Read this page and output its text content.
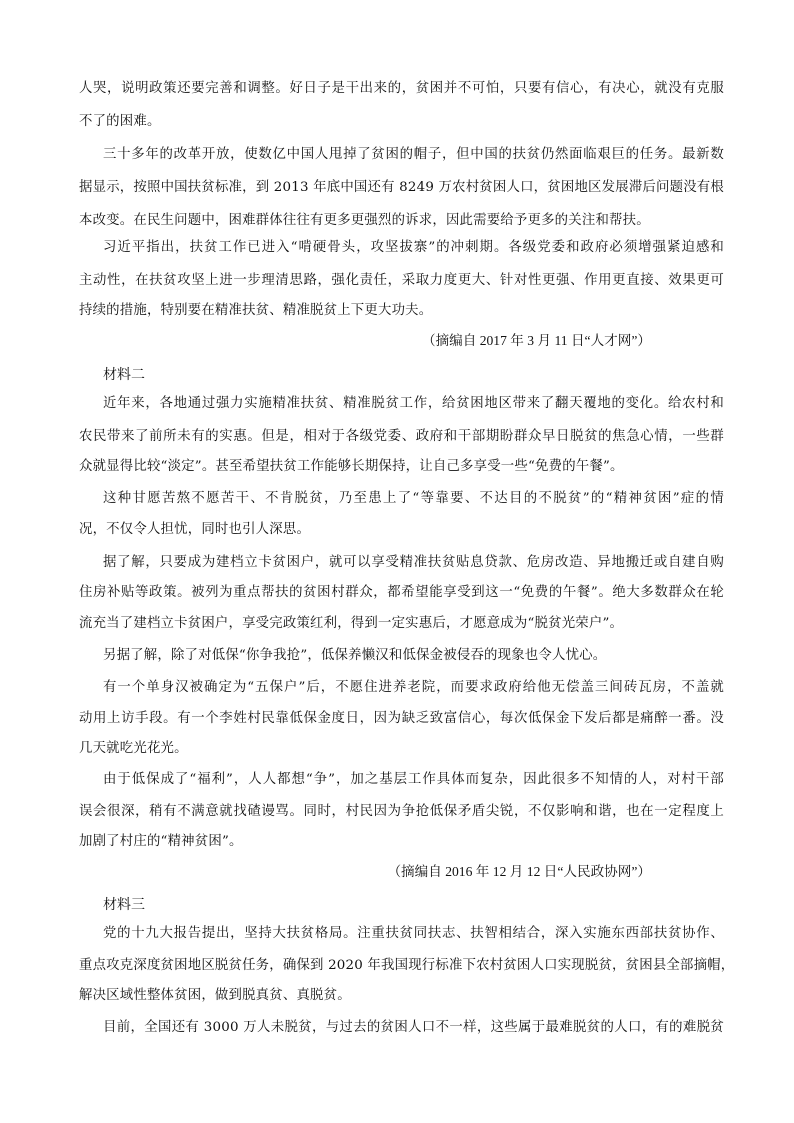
人哭，说明政策还要完善和调整。好日子是干出来的，贫困并不可怕，只要有信心，有决心，就没有克服
不了的困难。
三十多年的改革开放，使数亿中国人甩掉了贫困的帽子，但中国的扶贫仍然面临艰巨的任务。最新数
据显示，按照中国扶贫标准，到 2013 年底中国还有 8249 万农村贫困人口，贫困地区发展滞后问题没有根
本改变。在民生问题中，困难群体往往有更多更强烈的诉求，因此需要给予更多的关注和帮扶。
习近平指出，扶贫工作已进入“啃硬骨头，攻坚拔寨”的冲刺期。各级党委和政府必须增强紧迫感和
主动性，在扶贫攻坚上进一步理清思路，强化责任，采取力度更大、针对性更强、作用更直接、效果更可
持续的措施，特别要在精准扶贫、精准脱贫上下更大功夫。
（摘编自 2017 年 3 月 11 日“人才网”）
材料二
近年来，各地通过强力实施精准扶贫、精准脱贫工作，给贫困地区带来了翻天覆地的变化。给农村和
农民带来了前所未有的实惠。但是，相对于各级党委、政府和干部期盼群众早日脱贫的焦急心情，一些群
众就显得比较“淡定”。甚至希望扶贫工作能够长期保持，让自己多享受一些“免费的午餐”。
这种甘愿苦熬不愿苦干、不肯脱贫，乃至患上了“等靠要、不达目的不脱贫”的“精神贫困”症的情
况，不仅令人担忧，同时也引人深思。
据了解，只要成为建档立卡贫困户，就可以享受精准扶贫贴息贷款、危房改造、异地搬迁或自建自购
住房补贴等政策。被列为重点帮扶的贫困村群众，都希望能享受到这一“免费的午餐”。绝大多数群众在轮
流充当了建档立卡贫困户，享受完政策红利，得到一定实惠后，才愿意成为“脱贫光荣户”。
另据了解，除了对低保“你争我抢”，低保养懒汉和低保金被侵吞的现象也令人忧心。
有一个单身汉被确定为“五保户”后，不愿住进养老院，而要求政府给他无偿盖三间砖瓦房，不盖就
动用上访手段。有一个李姓村民靠低保金度日，因为缺乏致富信心，每次低保金下发后都是痛醉一番。没
几天就吃光花光。
由于低保成了“福利”，人人都想“争”，加之基层工作具体而复杂，因此很多不知情的人，对村干部
误会很深，稍有不满意就找碴谩骂。同时，村民因为争抢低保矛盾尖锐，不仅影响和谐，也在一定程度上
加剧了村庄的“精神贫困”。
（摘编自 2016 年 12 月 12 日“人民政协网”）
材料三
党的十九大报告提出，坚持大扶贫格局。注重扶贫同扶志、扶智相结合，深入实施东西部扶贫协作、
重点攻克深度贫困地区脱贫任务，确保到 2020 年我国现行标准下农村贫困人口实现脱贫，贫困县全部摘帽，
解决区域性整体贫困，做到脱真贫、真脱贫。
目前，全国还有 3000 万人未脱贫，与过去的贫困人口不一样，这些属于最难脱贫的人口，有的难脱贫
